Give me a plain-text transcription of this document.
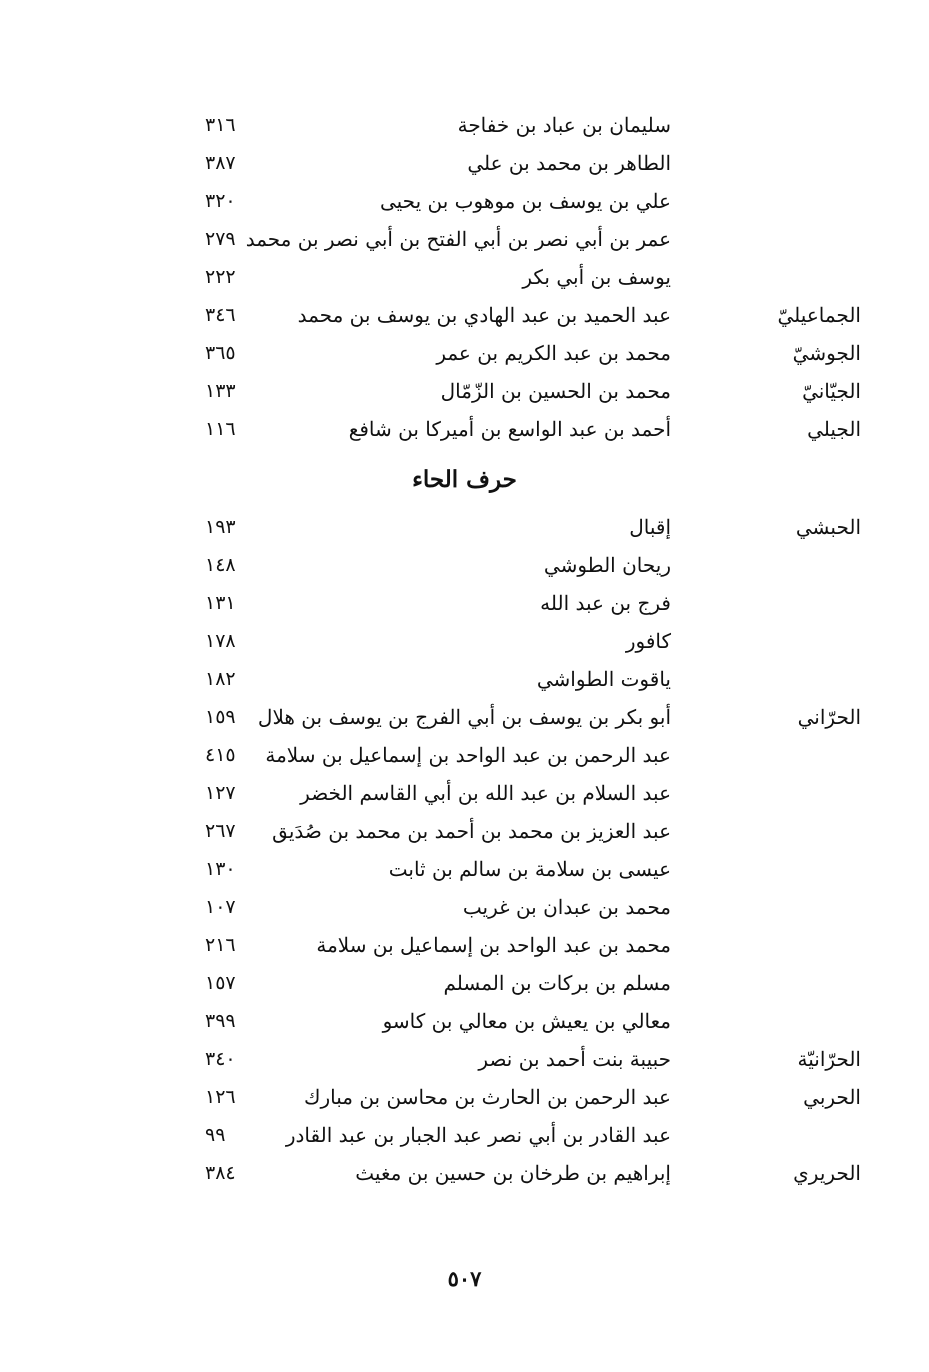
سليمان بن عباد بن خفاجة
٣١٦
الطاهر بن محمد بن علي
٣٨٧
علي بن يوسف بن موهوب بن يحيى
٣٢٠
عمر بن أبي نصر بن أبي الفتح بن أبي نصر بن محمد
٢٧٩
يوسف بن أبي بكر
٢٢٢
الجماعيليّ
عبد الحميد بن عبد الهادي بن يوسف بن محمد
٣٤٦
الجوشيّ
محمد بن عبد الكريم بن عمر
٣٦٥
الجيّانيّ
محمد بن الحسين بن الزّمّال
١٣٣
الجيلي
أحمد بن عبد الواسع بن أميركا بن شافع
١١٦
حرف الحاء
الحبشي
إقبال
١٩٣
ريحان الطوشي
١٤٨
فرج بن عبد الله
١٣١
كافور
١٧٨
ياقوت الطواشي
١٨٢
الحرّاني
أبو بكر بن يوسف بن أبي الفرج بن يوسف بن هلال
١٥٩
عبد الرحمن بن عبد الواحد بن إسماعيل بن سلامة
٤١٥
عبد السلام بن عبد الله بن أبي القاسم الخضر
١٢٧
عبد العزيز بن محمد بن أحمد بن محمد بن صُدَيق
٢٦٧
عيسى بن سلامة بن سالم بن ثابت
١٣٠
محمد بن عبدان بن غريب
١٠٧
محمد بن عبد الواحد بن إسماعيل بن سلامة
٢١٦
مسلم بن بركات بن المسلم
١٥٧
معالي بن يعيش بن معالي بن كاسو
٣٩٩
الحرّانيّة
حبيبة بنت أحمد بن نصر
٣٤٠
الحربي
عبد الرحمن بن الحارث بن محاسن بن مبارك
١٢٦
عبد القادر بن أبي نصر عبد الجبار بن عبد القادر
٩٩
الحريري
إبراهيم بن طرخان بن حسين بن مغيث
٣٨٤
٥٠٧
